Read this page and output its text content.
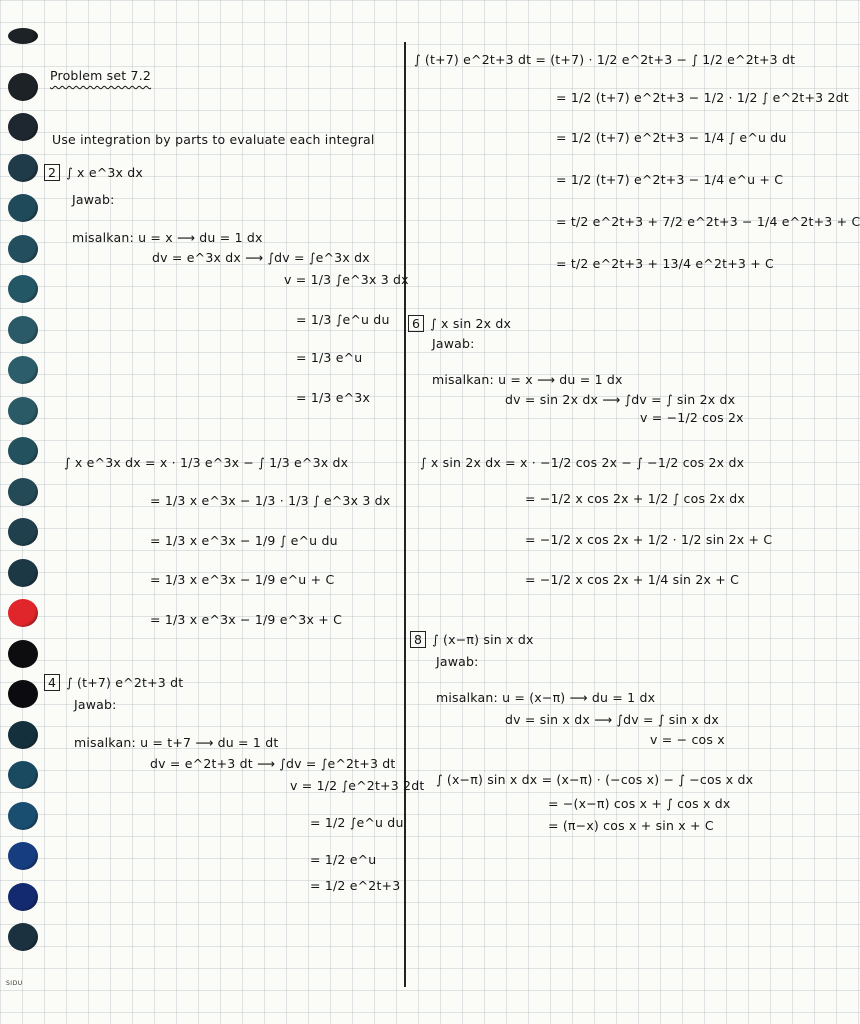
Problem set 7.2
Use integration by parts to evaluate each integral
2 ∫ x e^3x dx
Jawab:
misalkan: u = x ⟶ du = 1 dx
dv = e^3x dx ⟶ ∫dv = ∫e^3x dx
v = 1/3 ∫e^3x 3 dx
= 1/3 ∫e^u du
= 1/3 e^u
= 1/3 e^3x
∫ x e^3x dx = x · 1/3 e^3x − ∫ 1/3 e^3x dx
= 1/3 x e^3x − 1/3 · 1/3 ∫ e^3x 3 dx
= 1/3 x e^3x − 1/9 ∫ e^u du
= 1/3 x e^3x − 1/9 e^u + C
= 1/3 x e^3x − 1/9 e^3x + C
4 ∫ (t+7) e^2t+3 dt
Jawab:
misalkan: u = t+7 ⟶ du = 1 dt
dv = e^2t+3 dt ⟶ ∫dv = ∫e^2t+3 dt
v = 1/2 ∫e^2t+3 2dt
= 1/2 ∫e^u du
= 1/2 e^u
= 1/2 e^2t+3
∫ (t+7) e^2t+3 dt = (t+7) · 1/2 e^2t+3 − ∫ 1/2 e^2t+3 dt
= 1/2 (t+7) e^2t+3 − 1/2 · 1/2 ∫ e^2t+3 2dt
= 1/2 (t+7) e^2t+3 − 1/4 ∫ e^u du
= 1/2 (t+7) e^2t+3 − 1/4 e^u + C
= t/2 e^2t+3 + 7/2 e^2t+3 − 1/4 e^2t+3 + C
= t/2 e^2t+3 + 13/4 e^2t+3 + C
6 ∫ x sin 2x dx
Jawab:
misalkan: u = x ⟶ du = 1 dx
dv = sin 2x dx ⟶ ∫dv = ∫ sin 2x dx
v = −1/2 cos 2x
∫ x sin 2x dx = x · −1/2 cos 2x − ∫ −1/2 cos 2x dx
= −1/2 x cos 2x + 1/2 ∫ cos 2x dx
= −1/2 x cos 2x + 1/2 · 1/2 sin 2x + C
= −1/2 x cos 2x + 1/4 sin 2x + C
8 ∫ (x−π) sin x dx
Jawab:
misalkan: u = (x−π) ⟶ du = 1 dx
dv = sin x dx ⟶ ∫dv = ∫ sin x dx
v = − cos x
∫ (x−π) sin x dx = (x−π) · (−cos x) − ∫ −cos x dx
= −(x−π) cos x + ∫ cos x dx
= (π−x) cos x + sin x + C
SIDU
